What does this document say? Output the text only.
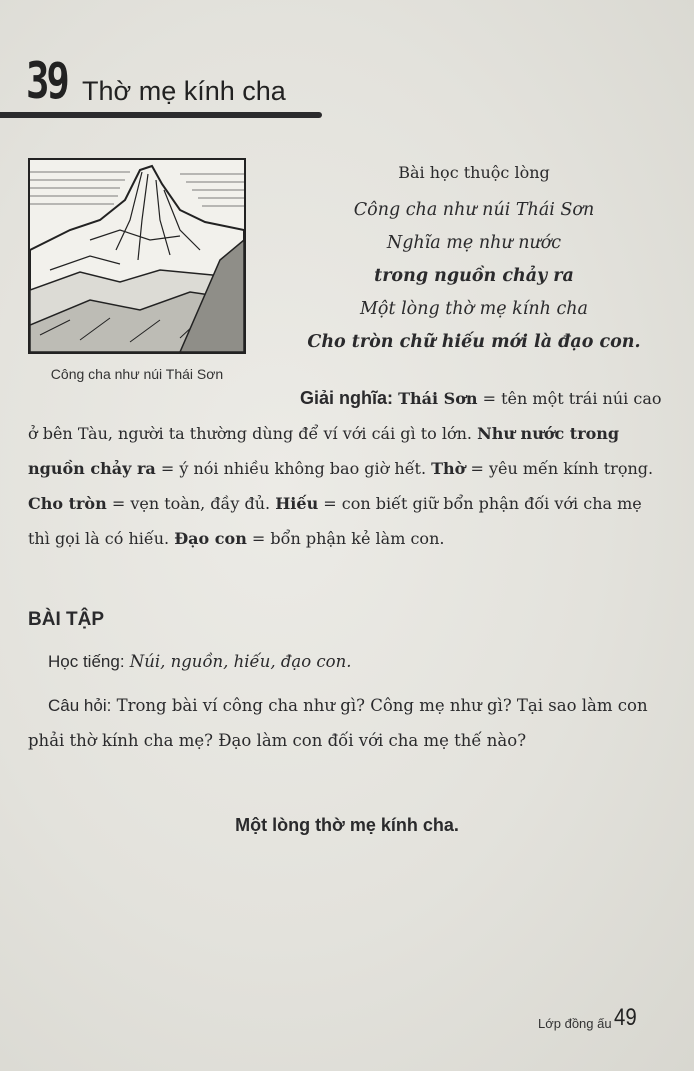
39 Thờ mẹ kính cha
Công cha như núi Thái Sơn
Bài học thuộc lòng
Công cha như núi Thái Sơn
Nghĩa mẹ như nước
trong nguồn chảy ra
Một lòng thờ mẹ kính cha
Cho tròn chữ hiếu mới là đạo con.
Giải nghĩa: Thái Sơn = tên một trái núi cao ở bên Tàu, người ta thường dùng để ví với cái gì to lớn. Như nước trong nguồn chảy ra = ý nói nhiều không bao giờ hết. Thờ = yêu mến kính trọng. Cho tròn = vẹn toàn, đầy đủ. Hiếu = con biết giữ bổn phận đối với cha mẹ thì gọi là có hiếu. Đạo con = bổn phận kẻ làm con.
BÀI TẬP
Học tiếng: Núi, nguồn, hiếu, đạo con.
Câu hỏi: Trong bài ví công cha như gì? Công mẹ như gì? Tại sao làm con phải thờ kính cha mẹ? Đạo làm con đối với cha mẹ thế nào?
Một lòng thờ mẹ kính cha.
Lớp đồng ấu 49
